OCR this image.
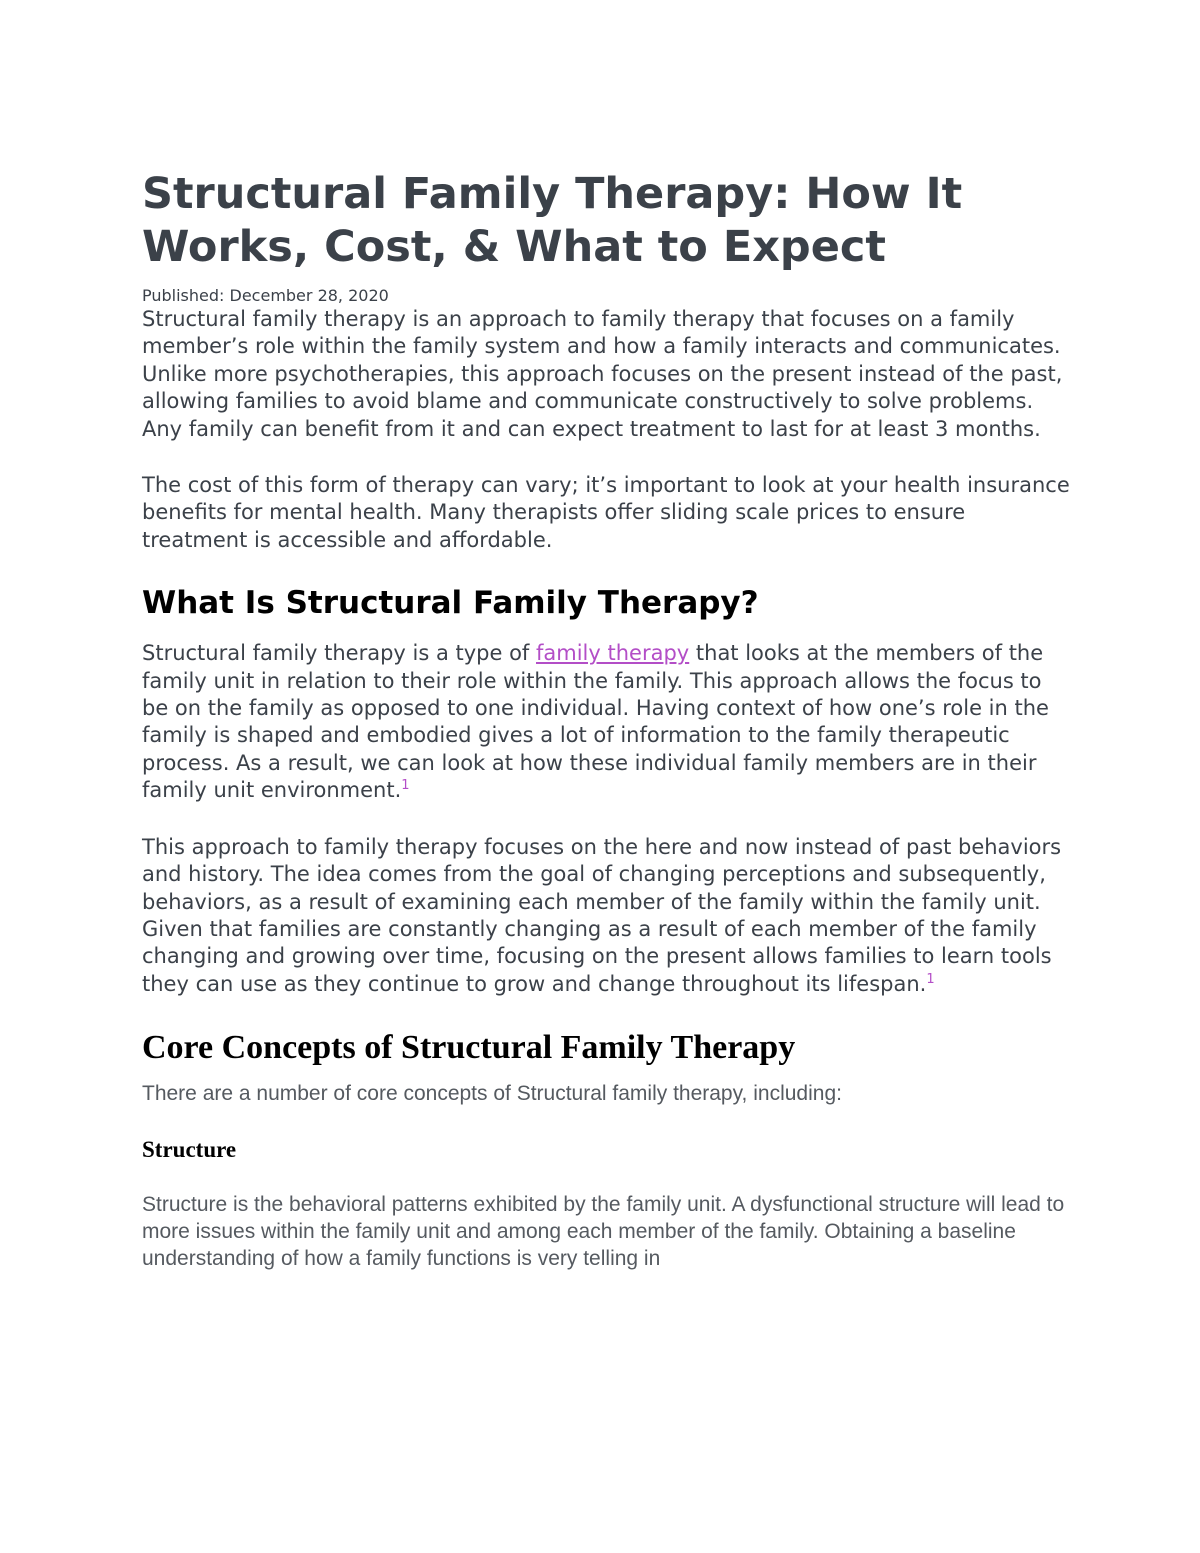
Structural Family Therapy: How It
Works, Cost, & What to Expect

Published: December 28, 2020

Structural family therapy is an approach to family therapy that focuses on a family member’s role within the family system and how a family interacts and communicates. Unlike more psychotherapies, this approach focuses on the present instead of the past, allowing families to avoid blame and communicate constructively to solve problems. Any family can benefit from it and can expect treatment to last for at least 3 months.

The cost of this form of therapy can vary; it’s important to look at your health insurance benefits for mental health. Many therapists offer sliding scale prices to ensure treatment is accessible and affordable.

What Is Structural Family Therapy?

Structural family therapy is a type of family therapy that looks at the members of the family unit in relation to their role within the family. This approach allows the focus to be on the family as opposed to one individual. Having context of how one’s role in the family is shaped and embodied gives a lot of information to the family therapeutic process. As a result, we can look at how these individual family members are in their family unit environment.$^1$

This approach to family therapy focuses on the here and now instead of past behaviors and history. The idea comes from the goal of changing perceptions and subsequently, behaviors, as a result of examining each member of the family within the family unit. Given that families are constantly changing as a result of each member of the family changing and growing over time, focusing on the present allows families to learn tools they can use as they continue to grow and change throughout its lifespan.$^1$

Core Concepts of Structural Family Therapy

There are a number of core concepts of Structural family therapy, including:

Structure

Structure is the behavioral patterns exhibited by the family unit. A dysfunctional structure will lead to more issues within the family unit and among each member of the family. Obtaining a baseline understanding of how a family functions is very telling in
